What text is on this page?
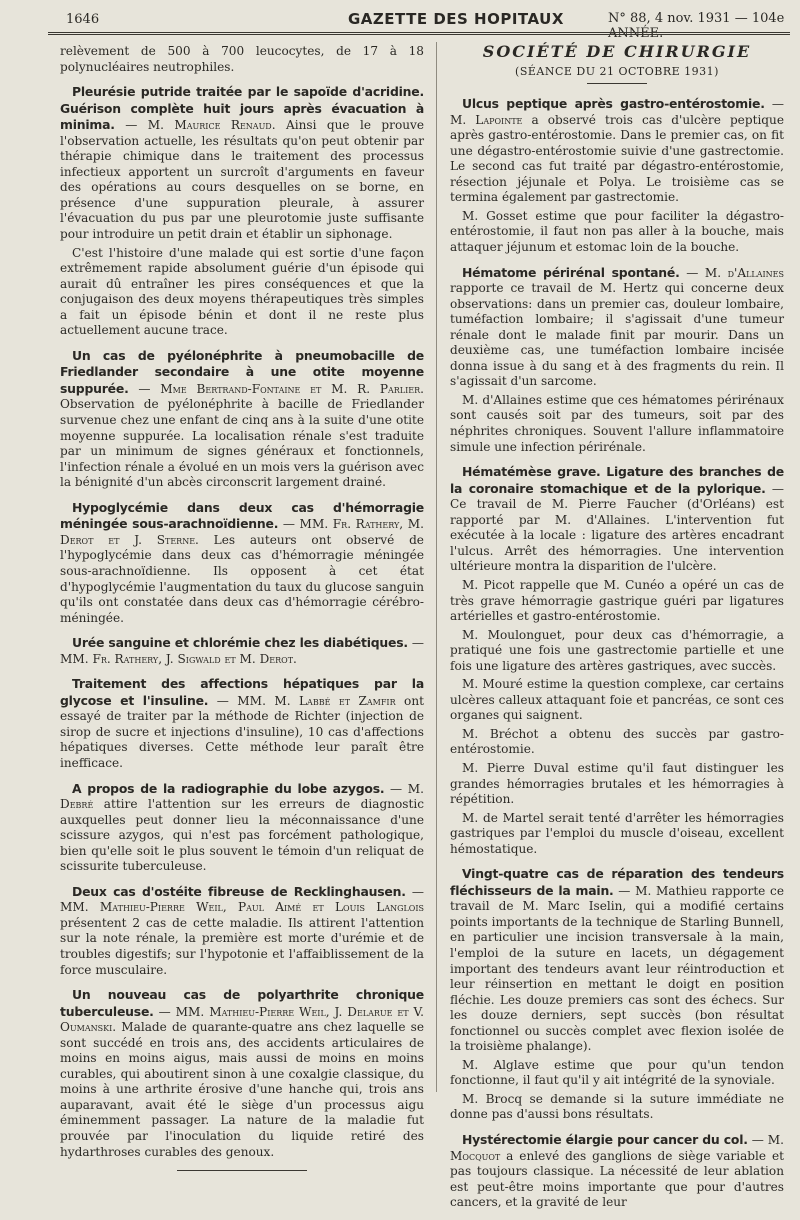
1646	GAZETTE DES HOPITAUX	N° 88, 4 nov. 1931 — 104e ANNÉE.

relèvement de 500 à 700 leucocytes, de 17 à 18 polynucléaires neutrophiles.

Pleurésie putride traitée par le sapoïde d'acridine. Guérison complète huit jours après évacuation à minima. — M. Maurice Renaud. Ainsi que le prouve l'observation actuelle, les résultats qu'on peut obtenir par thérapie chimique dans le traitement des processus infectieux apportent un surcroît d'arguments en faveur des opérations au cours desquelles on se borne, en présence d'une suppuration pleurale, à assurer l'évacuation du pus par une pleurotomie juste suffisante pour introduire un petit drain et établir un siphonage.

C'est l'histoire d'une malade qui est sortie d'une façon extrêmement rapide absolument guérie d'un épisode qui aurait dû entraîner les pires conséquences et que la conjugaison des deux moyens thérapeutiques très simples a fait un épisode bénin et dont il ne reste plus actuellement aucune trace.

Un cas de pyélonéphrite à pneumobacille de Friedlander secondaire à une otite moyenne suppurée. — Mme Bertrand-Fontaine et M. R. Parlier. Observation de pyélonéphrite à bacille de Friedlander survenue chez une enfant de cinq ans à la suite d'une otite moyenne suppurée. La localisation rénale s'est traduite par un minimum de signes généraux et fonctionnels, l'infection rénale a évolué en un mois vers la guérison avec la bénignité d'un abcès circonscrit largement drainé.

Hypoglycémie dans deux cas d'hémorragie méningée sous-arachnoïdienne. — MM. Fr. Rathery, M. Derot et J. Sterne. Les auteurs ont observé de l'hypoglycémie dans deux cas d'hémorragie méningée sous-arachnoïdienne. Ils opposent à cet état d'hypoglycémie l'augmentation du taux du glucose sanguin qu'ils ont constatée dans deux cas d'hémorragie cérébro-méningée.

Urée sanguine et chlorémie chez les diabétiques. — MM. Fr. Rathery, J. Sigwald et M. Derot.

Traitement des affections hépatiques par la glycose et l'insuline. — MM. M. Labbé et Zamfir ont essayé de traiter par la méthode de Richter (injection de sirop de sucre et injections d'insuline), 10 cas d'affections hépatiques diverses. Cette méthode leur paraît être inefficace.

A propos de la radiographie du lobe azygos. — M. Debré attire l'attention sur les erreurs de diagnostic auxquelles peut donner lieu la méconnaissance d'une scissure azygos, qui n'est pas forcément pathologique, bien qu'elle soit le plus souvent le témoin d'un reliquat de scissurite tuberculeuse.

Deux cas d'ostéite fibreuse de Recklinghausen. — MM. Mathieu-Pierre Weil, Paul Aimé et Louis Langlois présentent 2 cas de cette maladie. Ils attirent l'attention sur la note rénale, la première est morte d'urémie et de troubles digestifs; sur l'hypotonie et l'affaiblissement de la force musculaire.

Un nouveau cas de polyarthrite chronique tuberculeuse. — MM. Mathieu-Pierre Weil, J. Delarue et V. Oumanski. Malade de quarante-quatre ans chez laquelle se sont succédé en trois ans, des accidents articulaires de moins en moins aigus, mais aussi de moins en moins curables, qui aboutirent sinon à une coxalgie classique, du moins à une arthrite érosive d'une hanche qui, trois ans auparavant, avait été le siège d'un processus aigu éminemment passager. La nature de la maladie fut prouvée par l'inoculation du liquide retiré des hydarthroses curables des genoux.

SOCIÉTÉ DE CHIRURGIE
(SÉANCE DU 21 OCTOBRE 1931)

Ulcus peptique après gastro-entérostomie. — M. Lapointe a observé trois cas d'ulcère peptique après gastro-entérostomie. Dans le premier cas, on fit une dégastro-entérostomie suivie d'une gastrectomie. Le second cas fut traité par dégastro-entérostomie, résection jéjunale et Polya. Le troisième cas se termina également par gastrectomie.

M. Gosset estime que pour faciliter la dégastro-entérostomie, il faut non pas aller à la bouche, mais attaquer jéjunum et estomac loin de la bouche.

Hématome périrénal spontané. — M. d'Allaines rapporte ce travail de M. Hertz qui concerne deux observations: dans un premier cas, douleur lombaire, tuméfaction lombaire; il s'agissait d'une tumeur rénale dont le malade finit par mourir. Dans un deuxième cas, une tuméfaction lombaire incisée donna issue à du sang et à des fragments du rein. Il s'agissait d'un sarcome.

M. d'Allaines estime que ces hématomes périrénaux sont causés soit par des tumeurs, soit par des néphrites chroniques. Souvent l'allure inflammatoire simule une infection périrénale.

Hématémèse grave. Ligature des branches de la coronaire stomachique et de la pylorique. — Ce travail de M. Pierre Faucher (d'Orléans) est rapporté par M. d'Allaines. L'intervention fut exécutée à la locale : ligature des artères encadrant l'ulcus. Arrêt des hémorragies. Une intervention ultérieure montra la disparition de l'ulcère.

M. Picot rappelle que M. Cunéo a opéré un cas de très grave hémorragie gastrique guéri par ligatures artérielles et gastro-entérostomie.

M. Moulonguet, pour deux cas d'hémorragie, a pratiqué une fois une gastrectomie partielle et une fois une ligature des artères gastriques, avec succès.

M. Mouré estime la question complexe, car certains ulcères calleux attaquant foie et pancréas, ce sont ces organes qui saignent.

M. Bréchot a obtenu des succès par gastro-entérostomie.

M. Pierre Duval estime qu'il faut distinguer les grandes hémorragies brutales et les hémorragies à répétition.

M. de Martel serait tenté d'arrêter les hémorragies gastriques par l'emploi du muscle d'oiseau, excellent hémostatique.

Vingt-quatre cas de réparation des tendeurs fléchisseurs de la main. — M. Mathieu rapporte ce travail de M. Marc Iselin, qui a modifié certains points importants de la technique de Starling Bunnell, en particulier une incision transversale à la main, l'emploi de la suture en lacets, un dégagement important des tendeurs avant leur réintroduction et leur réinsertion en mettant le doigt en position fléchie. Les douze premiers cas sont des échecs. Sur les douze derniers, sept succès (bon résultat fonctionnel ou succès complet avec flexion isolée de la troisième phalange).

M. Alglave estime que pour qu'un tendon fonctionne, il faut qu'il y ait intégrité de la synoviale.

M. Brocq se demande si la suture immédiate ne donne pas d'aussi bons résultats.

Hystérectomie élargie pour cancer du col. — M. Mocquot a enlevé des ganglions de siège variable et pas toujours classique. La nécessité de leur ablation est peut-être moins importante que pour d'autres cancers, et la gravité de leur
